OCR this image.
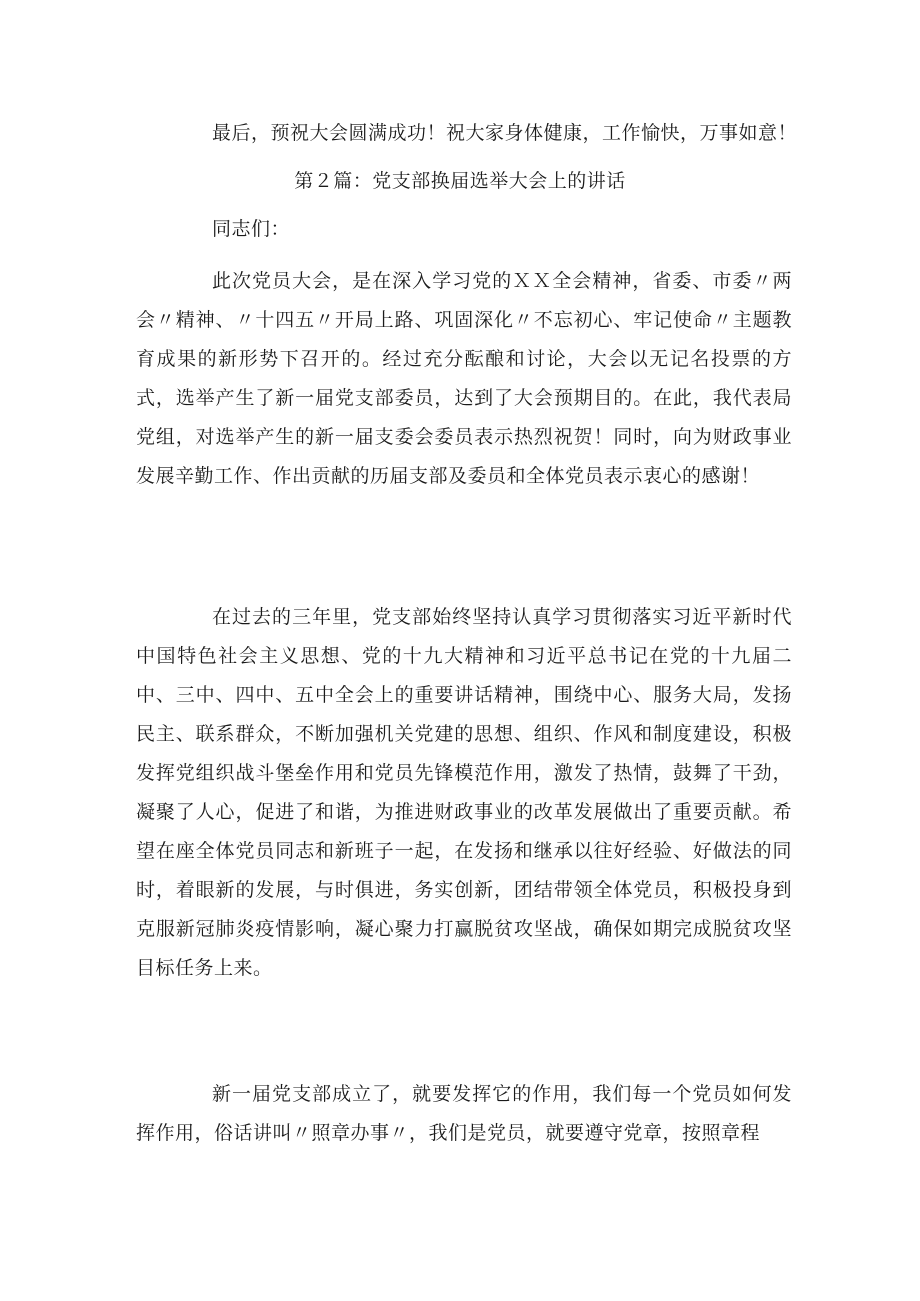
最后，预祝大会圆满成功！祝大家身体健康，工作愉快，万事如意！
第２篇：党支部换届选举大会上的讲话
同志们：
此次党员大会，是在深入学习党的ＸＸ全会精神，省委、市委〃两会〃精神、〃十四五〃开局上路、巩固深化〃不忘初心、牢记使命〃主题教育成果的新形势下召开的。经过充分酝酿和讨论，大会以无记名投票的方式，选举产生了新一届党支部委员，达到了大会预期目的。在此，我代表局党组，对选举产生的新一届支委会委员表示热烈祝贺！同时，向为财政事业发展辛勤工作、作出贡献的历届支部及委员和全体党员表示衷心的感谢！
在过去的三年里，党支部始终坚持认真学习贯彻落实习近平新时代中国特色社会主义思想、党的十九大精神和习近平总书记在党的十九届二中、三中、四中、五中全会上的重要讲话精神，围绕中心、服务大局，发扬民主、联系群众，不断加强机关党建的思想、组织、作风和制度建设，积极发挥党组织战斗堡垒作用和党员先锋模范作用，激发了热情，鼓舞了干劲，凝聚了人心，促进了和谐，为推进财政事业的改革发展做出了重要贡献。希望在座全体党员同志和新班子一起，在发扬和继承以往好经验、好做法的同时，着眼新的发展，与时俱进，务实创新，团结带领全体党员，积极投身到克服新冠肺炎疫情影响，凝心聚力打赢脱贫攻坚战，确保如期完成脱贫攻坚目标任务上来。
新一届党支部成立了，就要发挥它的作用，我们每一个党员如何发挥作用，俗话讲叫〃照章办事〃，我们是党员，就要遵守党章，按照章程
